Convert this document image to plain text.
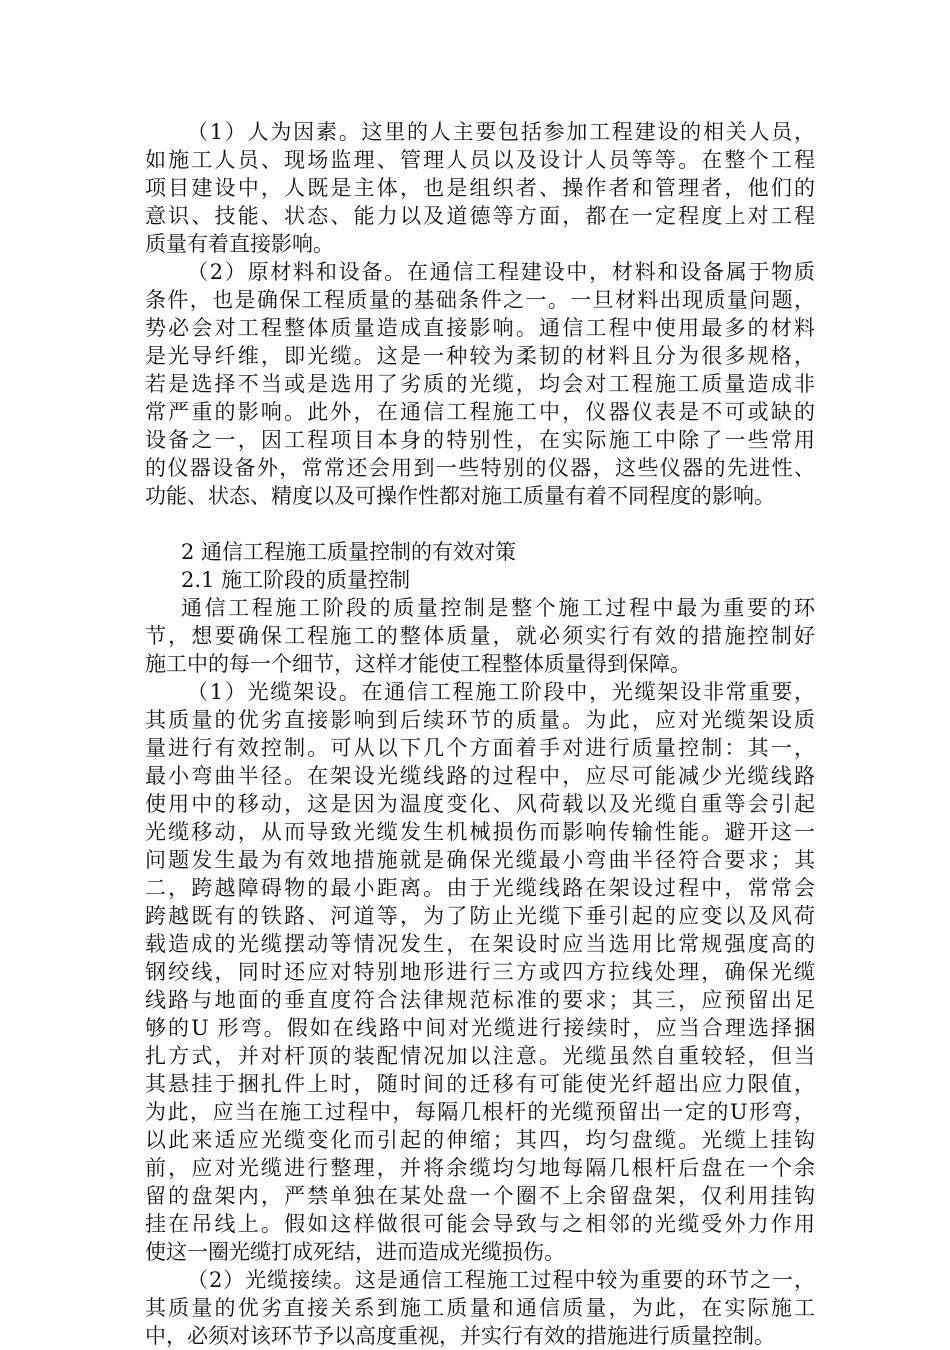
（1）人为因素。这里的人主要包括参加工程建设的相关人员，
如施工人员、现场监理、管理人员以及设计人员等等。在整个工程
项目建设中，人既是主体，也是组织者、操作者和管理者，他们的
意识、技能、状态、能力以及道德等方面，都在一定程度上对工程
质量有着直接影响。
（2）原材料和设备。在通信工程建设中，材料和设备属于物质
条件，也是确保工程质量的基础条件之一。一旦材料出现质量问题，
势必会对工程整体质量造成直接影响。通信工程中使用最多的材料
是光导纤维，即光缆。这是一种较为柔韧的材料且分为很多规格，
若是选择不当或是选用了劣质的光缆，均会对工程施工质量造成非
常严重的影响。此外，在通信工程施工中，仪器仪表是不可或缺的
设备之一，因工程项目本身的特别性，在实际施工中除了一些常用
的仪器设备外，常常还会用到一些特别的仪器，这些仪器的先进性、
功能、状态、精度以及可操作性都对施工质量有着不同程度的影响。
2 通信工程施工质量控制的有效对策
2.1 施工阶段的质量控制
通信工程施工阶段的质量控制是整个施工过程中最为重要的环
节，想要确保工程施工的整体质量，就必须实行有效的措施控制好
施工中的每一个细节，这样才能使工程整体质量得到保障。
（1）光缆架设。在通信工程施工阶段中，光缆架设非常重要，
其质量的优劣直接影响到后续环节的质量。为此，应对光缆架设质
量进行有效控制。可从以下几个方面着手对进行质量控制：其一，
最小弯曲半径。在架设光缆线路的过程中，应尽可能减少光缆线路
使用中的移动，这是因为温度变化、风荷载以及光缆自重等会引起
光缆移动，从而导致光缆发生机械损伤而影响传输性能。避开这一
问题发生最为有效地措施就是确保光缆最小弯曲半径符合要求；其
二，跨越障碍物的最小距离。由于光缆线路在架设过程中，常常会
跨越既有的铁路、河道等，为了防止光缆下垂引起的应变以及风荷
载造成的光缆摆动等情况发生，在架设时应当选用比常规强度高的
钢绞线，同时还应对特别地形进行三方或四方拉线处理，确保光缆
线路与地面的垂直度符合法律规范标准的要求；其三，应预留出足
够的U 形弯。假如在线路中间对光缆进行接续时，应当合理选择捆
扎方式，并对杆顶的装配情况加以注意。光缆虽然自重较轻，但当
其悬挂于捆扎件上时，随时间的迁移有可能使光纤超出应力限值，
为此，应当在施工过程中，每隔几根杆的光缆预留出一定的U形弯，
以此来适应光缆变化而引起的伸缩；其四，均匀盘缆。光缆上挂钩
前，应对光缆进行整理，并将余缆均匀地每隔几根杆后盘在一个余
留的盘架内，严禁单独在某处盘一个圈不上余留盘架，仅利用挂钩
挂在吊线上。假如这样做很可能会导致与之相邻的光缆受外力作用
使这一圈光缆打成死结，进而造成光缆损伤。
（2）光缆接续。这是通信工程施工过程中较为重要的环节之一，
其质量的优劣直接关系到施工质量和通信质量，为此，在实际施工
中，必须对该环节予以高度重视，并实行有效的措施进行质量控制。
